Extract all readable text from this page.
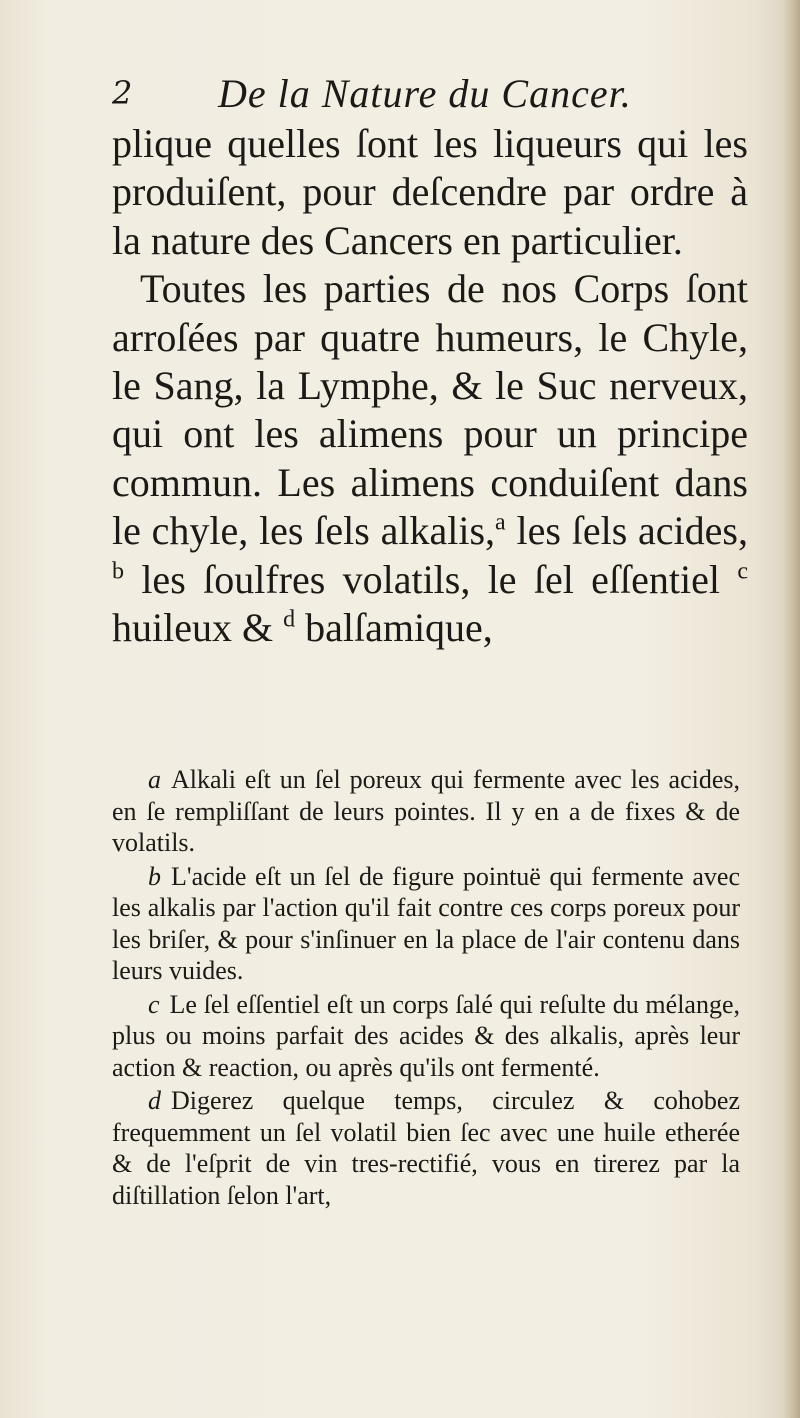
2 De la Nature du Cancer.

plique quelles ſont les liqueurs qui les produiſent, pour deſcendre par ordre à la nature des Cancers en particulier.

Toutes les parties de nos Corps ſont arroſées par quatre humeurs, le Chyle, le Sang, la Lymphe, & le Suc nerveux, qui ont les alimens pour un principe commun. Les alimens conduiſent dans le chyle, les ſels alkalis,$^a$ les ſels acides, $^b$ les ſoulfres volatils, le ſel eſſentiel $^c$ huileux & $^d$ balſamique,

a Alkali eſt un ſel poreux qui fermente avec les acides, en ſe rempliſſant de leurs pointes. Il y en a de fixes & de volatils.

b L'acide eſt un ſel de figure pointuë qui fermente avec les alkalis par l'action qu'il fait contre ces corps poreux pour les briſer, & pour s'inſinuer en la place de l'air contenu dans leurs vuides.

c Le ſel eſſentiel eſt un corps ſalé qui reſulte du mélange, plus ou moins parfait des acides & des alkalis, après leur action & reaction, ou après qu'ils ont fermenté.

d Digerez quelque temps, circulez & cohobez frequemment un ſel volatil bien ſec avec une huile etherée & de l'eſprit de vin tres-rectifié, vous en tirerez par la diſtillation ſelon l'art,
